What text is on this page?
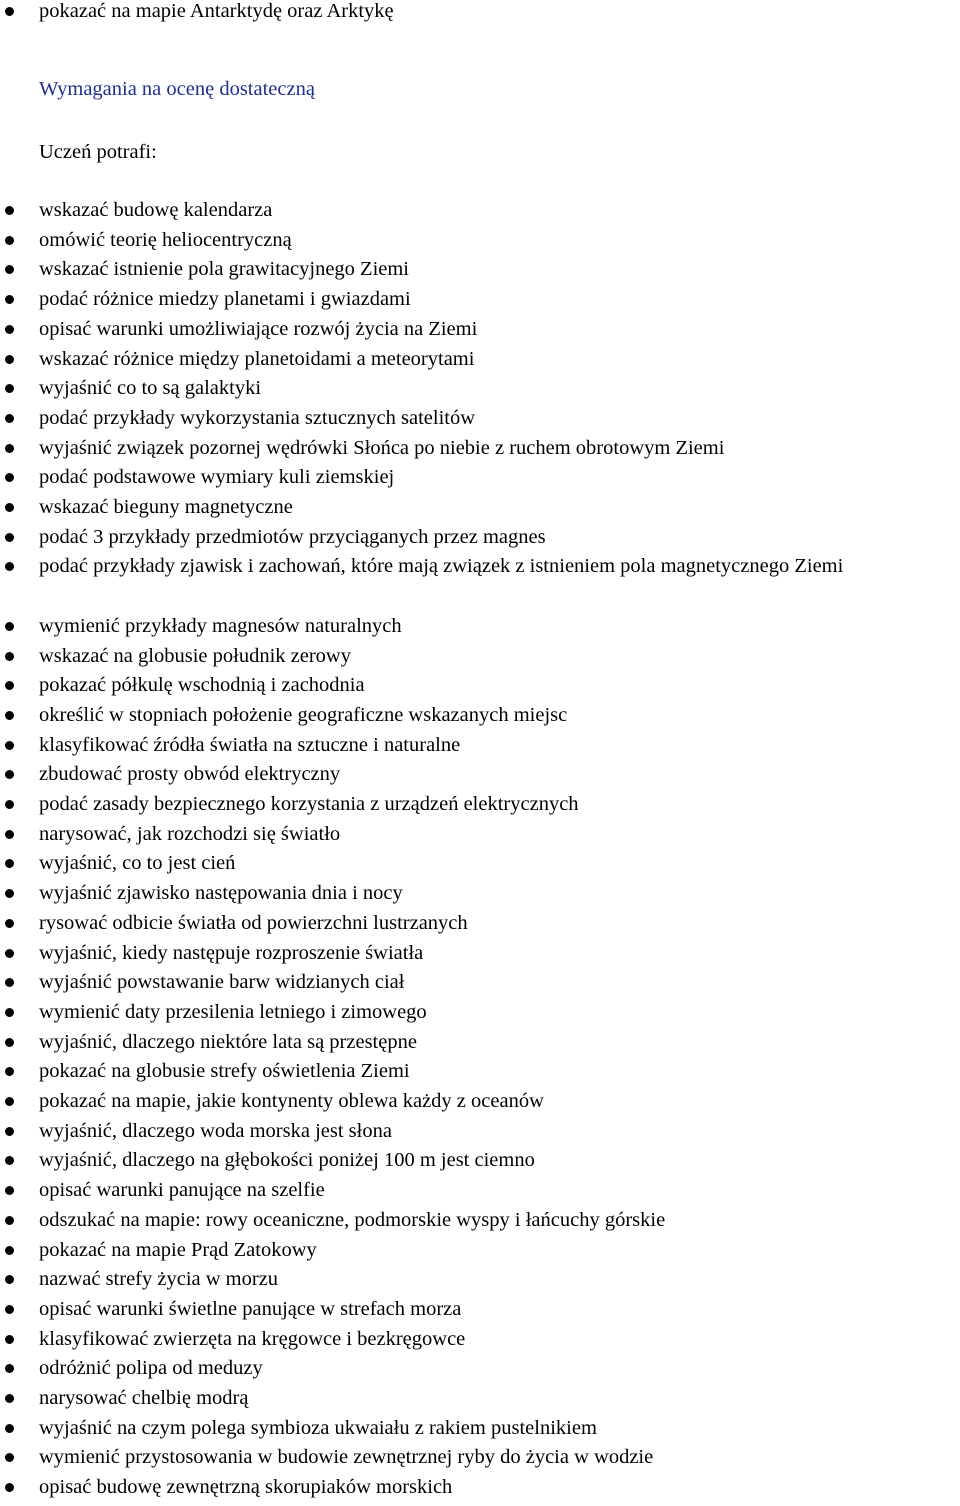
pokazać na mapie Antarktydę oraz Arktykę
Wymagania na ocenę dostateczną
Uczeń potrafi:
wskazać budowę kalendarza
omówić teorię heliocentryczną
wskazać istnienie pola grawitacyjnego Ziemi
podać różnice miedzy planetami i gwiazdami
opisać warunki umożliwiające rozwój życia na Ziemi
wskazać różnice między planetoidami a meteorytami
wyjaśnić co to są galaktyki
podać przykłady wykorzystania sztucznych satelitów
wyjaśnić związek pozornej wędrówki Słońca po niebie z ruchem obrotowym Ziemi
podać podstawowe wymiary kuli ziemskiej
wskazać bieguny magnetyczne
podać 3 przykłady przedmiotów przyciąganych przez magnes
podać przykłady zjawisk i zachowań, które mają związek z istnieniem pola magnetycznego Ziemi
wymienić przykłady magnesów naturalnych
wskazać na globusie południk zerowy
pokazać półkulę wschodnią i zachodnia
określić w stopniach położenie geograficzne wskazanych miejsc
klasyfikować źródła światła na sztuczne i naturalne
zbudować prosty obwód elektryczny
podać zasady bezpiecznego korzystania z urządzeń elektrycznych
narysować, jak rozchodzi się światło
wyjaśnić, co to jest cień
wyjaśnić zjawisko następowania dnia i nocy
rysować odbicie światła od powierzchni lustrzanych
wyjaśnić, kiedy następuje rozproszenie światła
wyjaśnić powstawanie barw widzianych ciał
wymienić daty przesilenia letniego i zimowego
wyjaśnić, dlaczego niektóre lata są przestępne
pokazać na globusie strefy oświetlenia Ziemi
pokazać na mapie, jakie kontynenty oblewa każdy z oceanów
wyjaśnić, dlaczego woda morska jest słona
wyjaśnić, dlaczego na głębokości poniżej 100 m jest ciemno
opisać warunki panujące na szelfie
odszukać na mapie: rowy oceaniczne, podmorskie wyspy i łańcuchy górskie
pokazać na mapie Prąd Zatokowy
nazwać strefy życia w morzu
opisać warunki świetlne panujące w strefach morza
klasyfikować zwierzęta na kręgowce i bezkręgowce
odróżnić polipa od meduzy
narysować chelbię modrą
wyjaśnić na czym polega symbioza ukwaiału z rakiem pustelnikiem
wymienić przystosowania w budowie zewnętrznej ryby do życia w wodzie
opisać budowę zewnętrzną skorupiaków morskich
